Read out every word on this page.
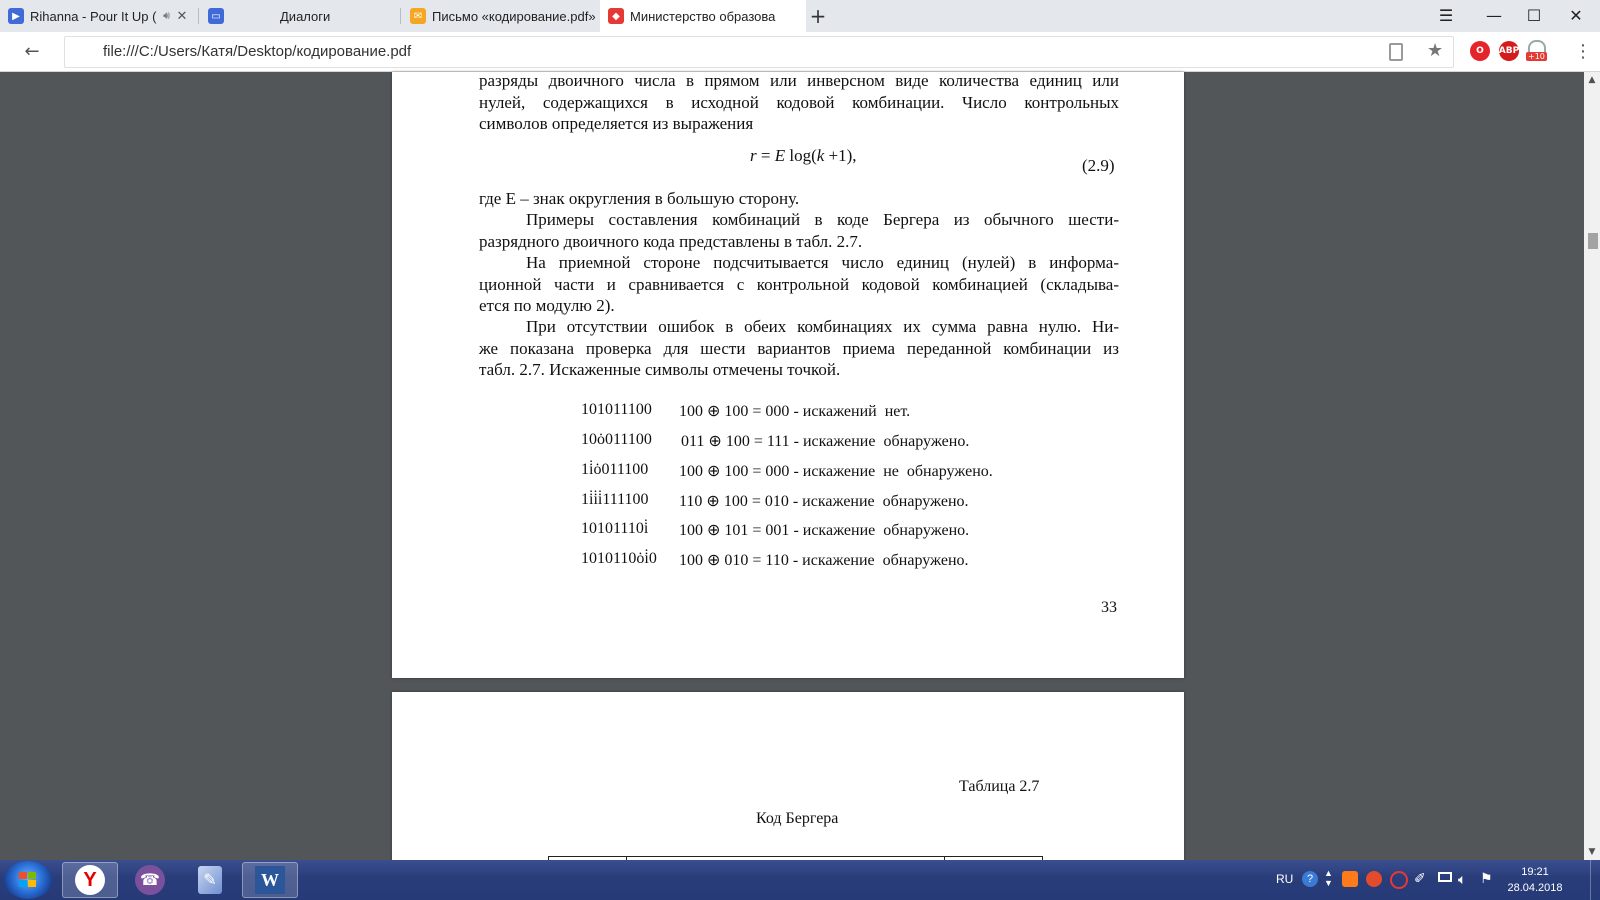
▶ Rihanna - Pour It Up ( 🔊︎ ✕	▭	Диалоги	✉ Письмо «кодирование.pdf»	◆ Министерство образова	+	☰	—	☐	✕
←	file:///C:/Users/Катя/Desktop/кодирование.pdf	★	O	ABP
+10 ⋮
▲
▼
разряды двоичного числа в прямом или инверсном виде количества единиц или
нулей, содержащихся в исходной кодовой комбинации. Число контрольных
символов определяется из выражения
r = E log(k +1),
(2.9)
где E – знак округления в большую сторону.
Примеры составления комбинаций в коде Бергера из обычного шести-
разрядного двоичного кода представлены в табл. 2.7.
На приемной стороне подсчитывается число единиц (нулей) в информа-
ционной части и сравнивается с контрольной кодовой комбинацией (складыва-
ется по модулю 2).
При отсутствии ошибок в обеих комбинациях их сумма равна нулю. Ни-
же показана проверка для шести вариантов приема переданной комбинации из
табл. 2.7. Искаженные символы отмечены точкой.
101011100 100 ⊕ 100 = 000 - искажений  нет.
10ȯ011100 011 ⊕ 100 = 111 - искажение  обнаружено.
1i̇ȯ011100 100 ⊕ 100 = 000 - искажение  не  обнаружено.
1i̇i̇i̇111100 110 ⊕ 100 = 010 - искажение  обнаружено.
10101110i̇ 100 ⊕ 101 = 001 - искажение  обнаружено.
1010110ȯi̇0 100 ⊕ 010 = 110 - искажение  обнаружено.
33
Таблица 2.7
Код Бергера
Y	☎	✎	W	RU	?	▲
▼	✐ 🔈︎ ⚑	19:21
28.04.2018
